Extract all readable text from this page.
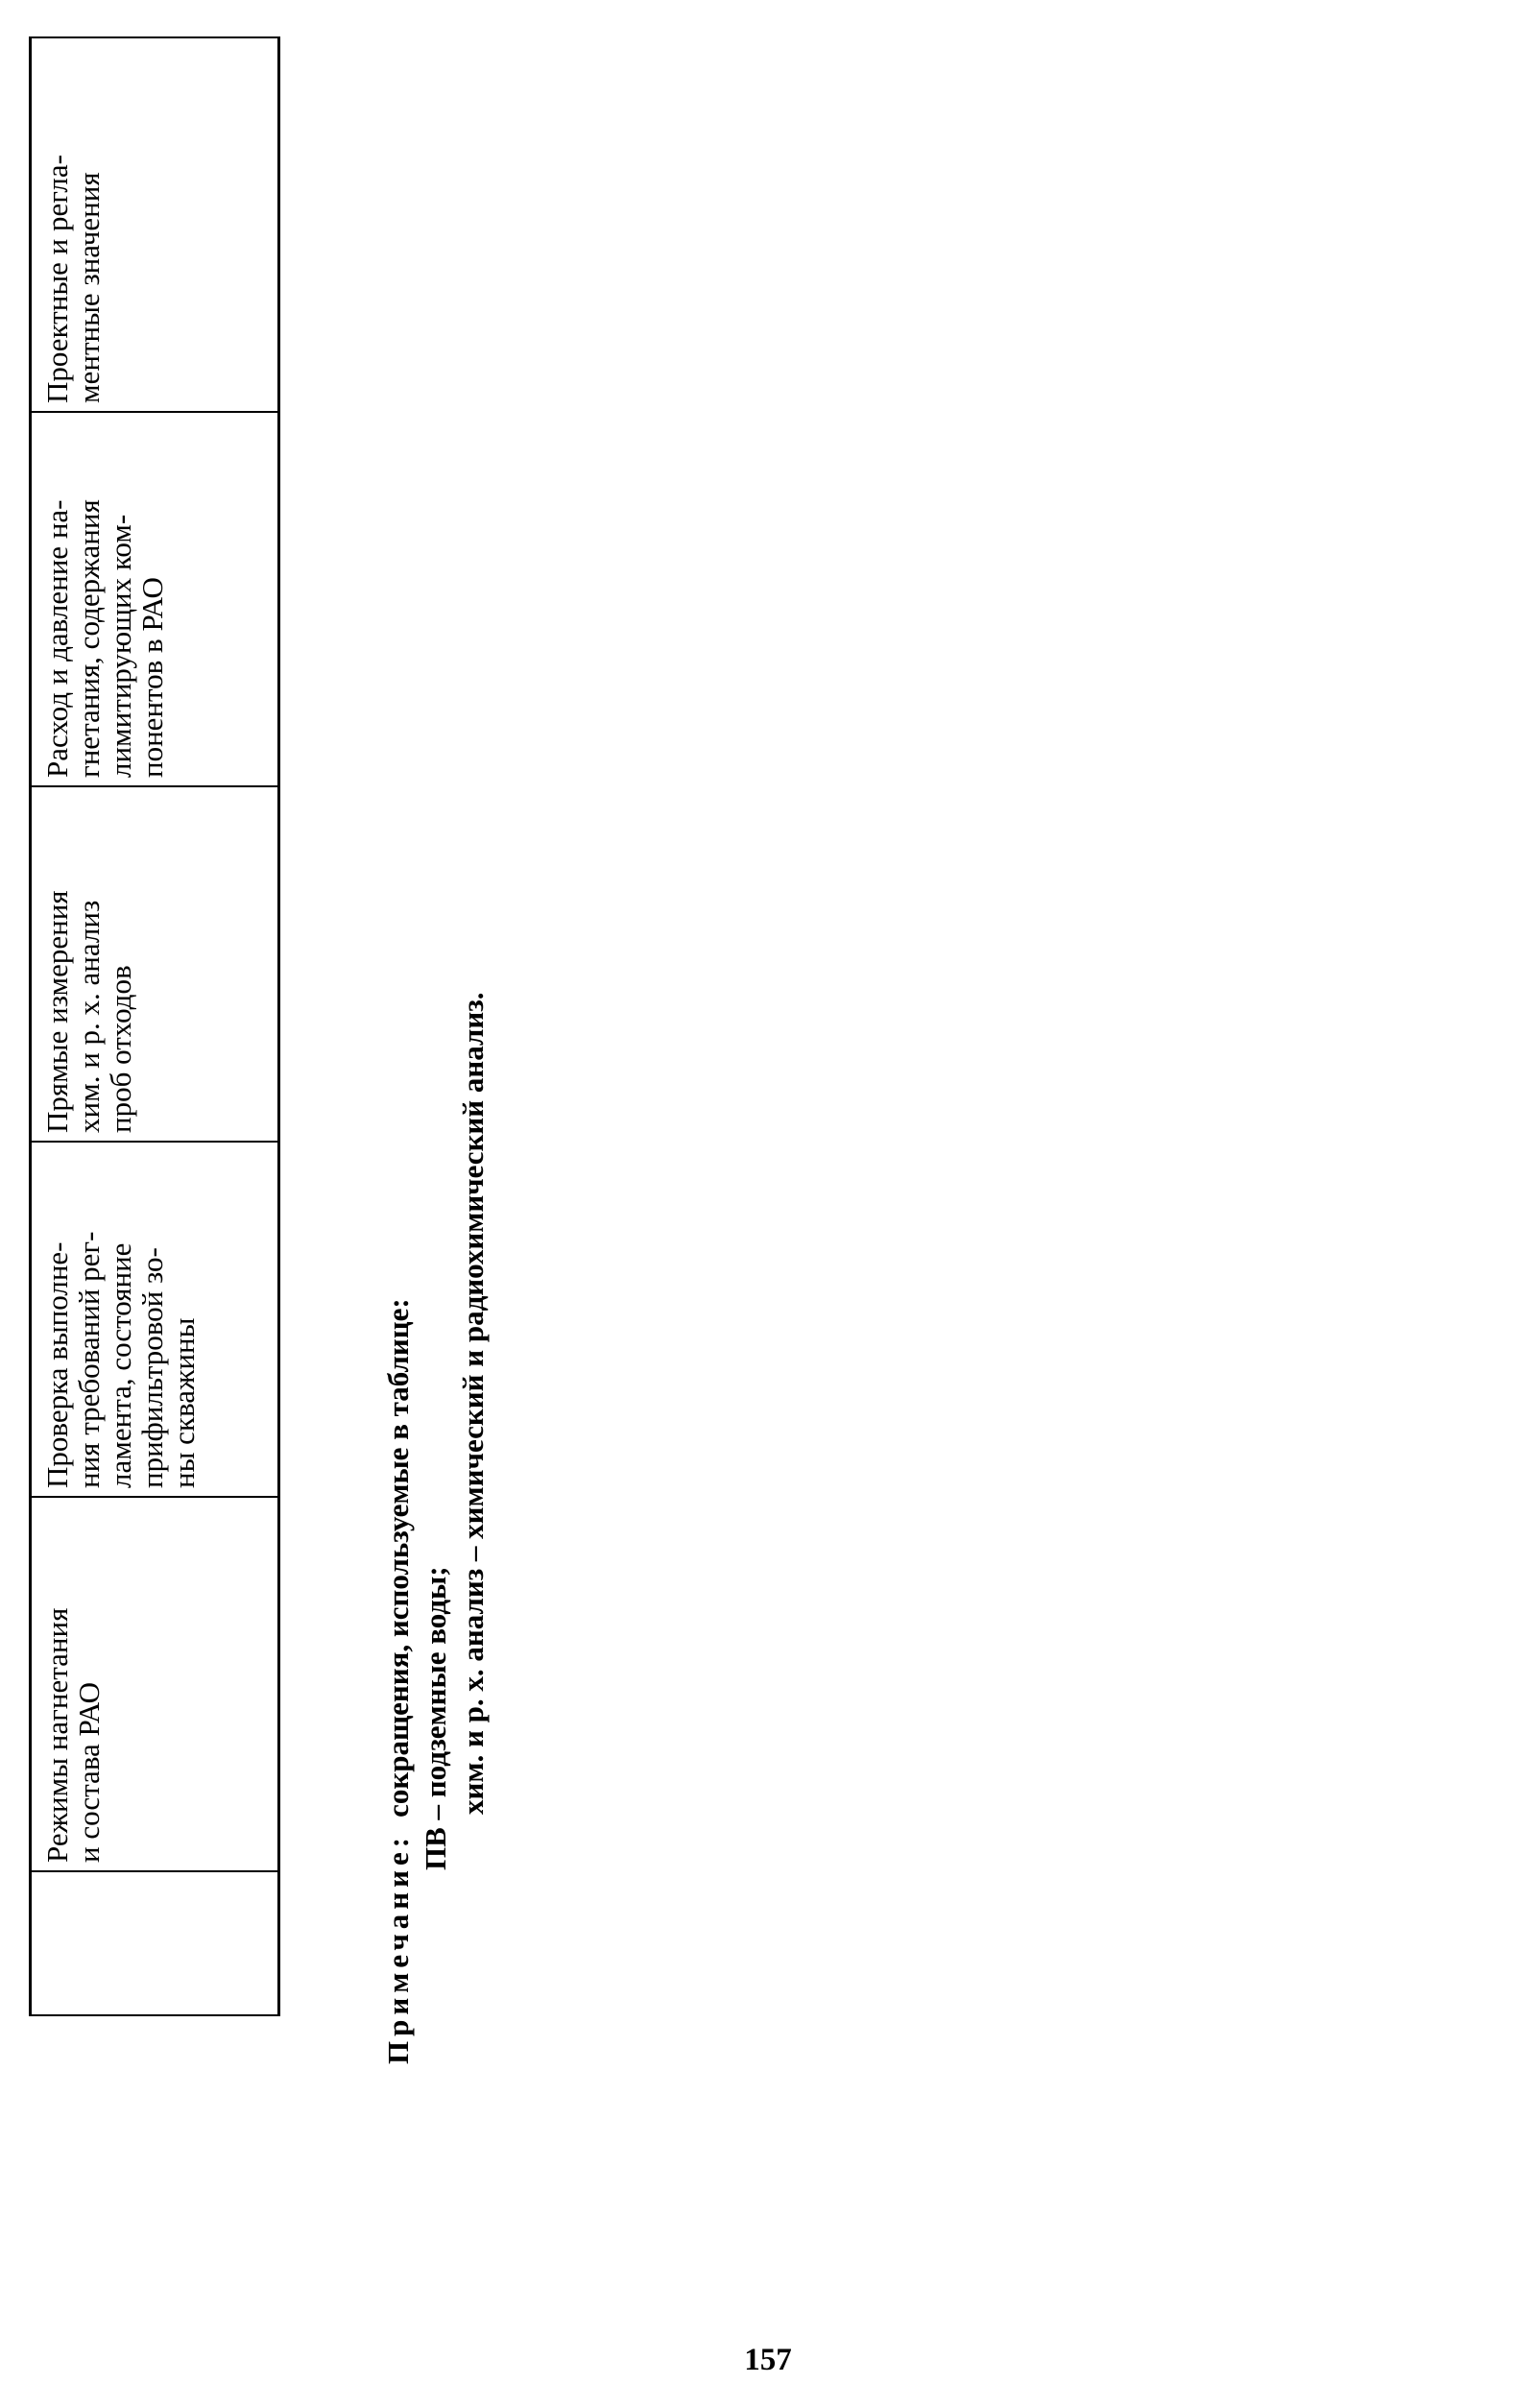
	Режимы нагнетания
и состава РАО	Проверка выполне-
ния требований рег-
ламента, состояние
прифильтровой зо-
ны скважины	Прямые измерения
хим. и р. х. анализ
проб отходов	Расход и давление на-
гнетания, содержания
лимитирующих ком-
понентов в РАО	Проектные и регла-
ментные значения
Примечание:
сокращения, используемые в таблице: ПВ – подземные воды; хим. и р. х. анализ – химический и радиохимический анализ.
157
